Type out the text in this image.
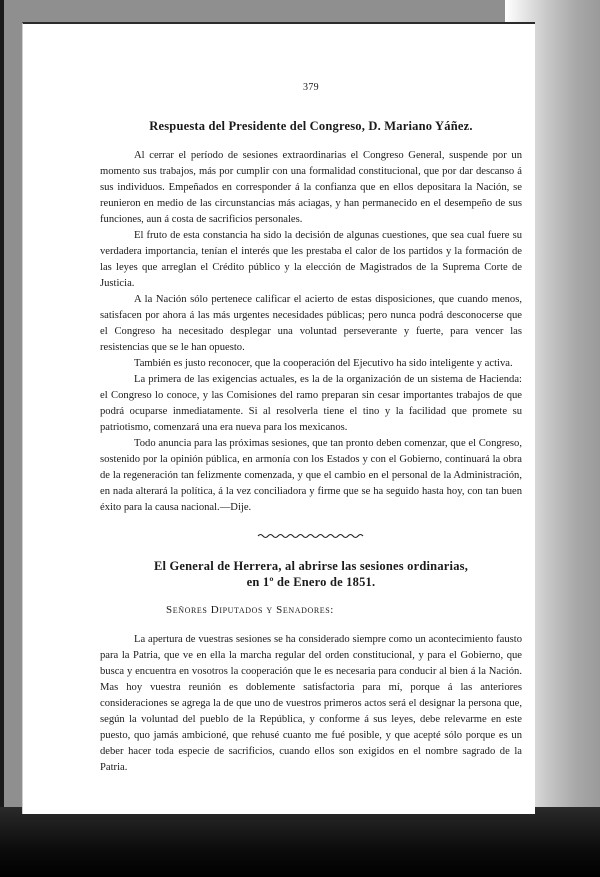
379
Respuesta del Presidente del Congreso, D. Mariano Yáñez.

Al cerrar el período de sesiones extraordinarias el Congreso General, suspende por un momento sus trabajos, más por cumplir con una formalidad constitucional, que por dar descanso á sus individuos. Empeñados en corresponder á la confianza que en ellos depositara la Nación, se reunieron en medio de las circunstancias más aciagas, y han permanecido en el desempeño de sus funciones, aun á costa de sacrificios personales.

El fruto de esta constancia ha sido la decisión de algunas cuestiones, que sea cual fuere su verdadera importancia, tenían el interés que les prestaba el calor de los partidos y la formación de las leyes que arreglan el Crédito público y la elección de Magistrados de la Suprema Corte de Justicia.

A la Nación sólo pertenece calificar el acierto de estas disposiciones, que cuando menos, satisfacen por ahora á las más urgentes necesidades públicas; pero nunca podrá desconocerse que el Congreso ha necesitado desplegar una voluntad perseverante y fuerte, para vencer las resistencias que se le han opuesto.

También es justo reconocer, que la cooperación del Ejecutivo ha sido inteligente y activa.

La primera de las exigencias actuales, es la de la organización de un sistema de Hacienda: el Congreso lo conoce, y las Comisiones del ramo preparan sin cesar importantes trabajos de que podrá ocuparse inmediatamente. Si al resolverla tiene el tino y la facilidad que promete su patriotismo, comenzará una era nueva para los mexicanos.

Todo anuncia para las próximas sesiones, que tan pronto deben comenzar, que el Congreso, sostenido por la opinión pública, en armonía con los Estados y con el Gobierno, continuará la obra de la regeneración tan felizmente comenzada, y que el cambio en el personal de la Administración, en nada alterará la política, á la vez conciliadora y firme que se ha seguido hasta hoy, con tan buen éxito para la causa nacional.—Dije.

El General de Herrera, al abrirse las sesiones ordinarias,
en 1º de Enero de 1851.
Señores Diputados y Senadores:

La apertura de vuestras sesiones se ha considerado siempre como un acontecimiento fausto para la Patria, que ve en ella la marcha regular del orden constitucional, y para el Gobierno, que busca y encuentra en vosotros la cooperación que le es necesaria para conducir al bien á la Nación. Mas hoy vuestra reunión es doblemente satisfactoria para mí, porque á las anteriores consideraciones se agrega la de que uno de vuestros primeros actos será el designar la persona que, según la voluntad del pueblo de la República, y conforme á sus leyes, debe relevarme en este puesto, quo jamás ambicioné, que rehusé cuanto me fué posible, y que acepté sólo porque es un deber hacer toda especie de sacrificios, cuando ellos son exigidos en el nombre sagrado de la Patria.
